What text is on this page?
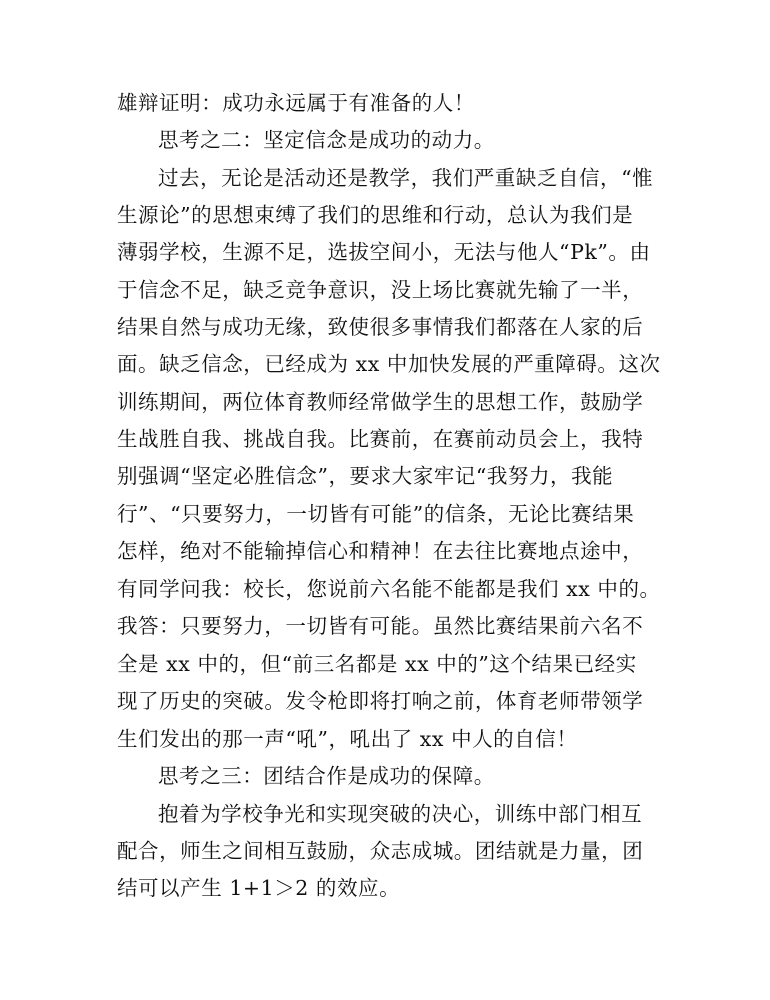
雄辩证明：成功永远属于有准备的人！
思考之二：坚定信念是成功的动力。
过去，无论是活动还是教学，我们严重缺乏自信，“惟
生源论”的思想束缚了我们的思维和行动，总认为我们是
薄弱学校，生源不足，选拔空间小，无法与他人“Pk”。由
于信念不足，缺乏竞争意识，没上场比赛就先输了一半，
结果自然与成功无缘，致使很多事情我们都落在人家的后
面。缺乏信念，已经成为 xx 中加快发展的严重障碍。这次
训练期间，两位体育教师经常做学生的思想工作，鼓励学
生战胜自我、挑战自我。比赛前，在赛前动员会上，我特
别强调“坚定必胜信念”，要求大家牢记“我努力，我能
行”、“只要努力，一切皆有可能”的信条，无论比赛结果
怎样，绝对不能输掉信心和精神！在去往比赛地点途中，
有同学问我：校长，您说前六名能不能都是我们 xx 中的。
我答：只要努力，一切皆有可能。虽然比赛结果前六名不
全是 xx 中的，但“前三名都是 xx 中的”这个结果已经实
现了历史的突破。发令枪即将打响之前，体育老师带领学
生们发出的那一声“吼”，吼出了 xx 中人的自信！
思考之三：团结合作是成功的保障。
抱着为学校争光和实现突破的决心，训练中部门相互
配合，师生之间相互鼓励，众志成城。团结就是力量，团
结可以产生 1+1＞2 的效应。
